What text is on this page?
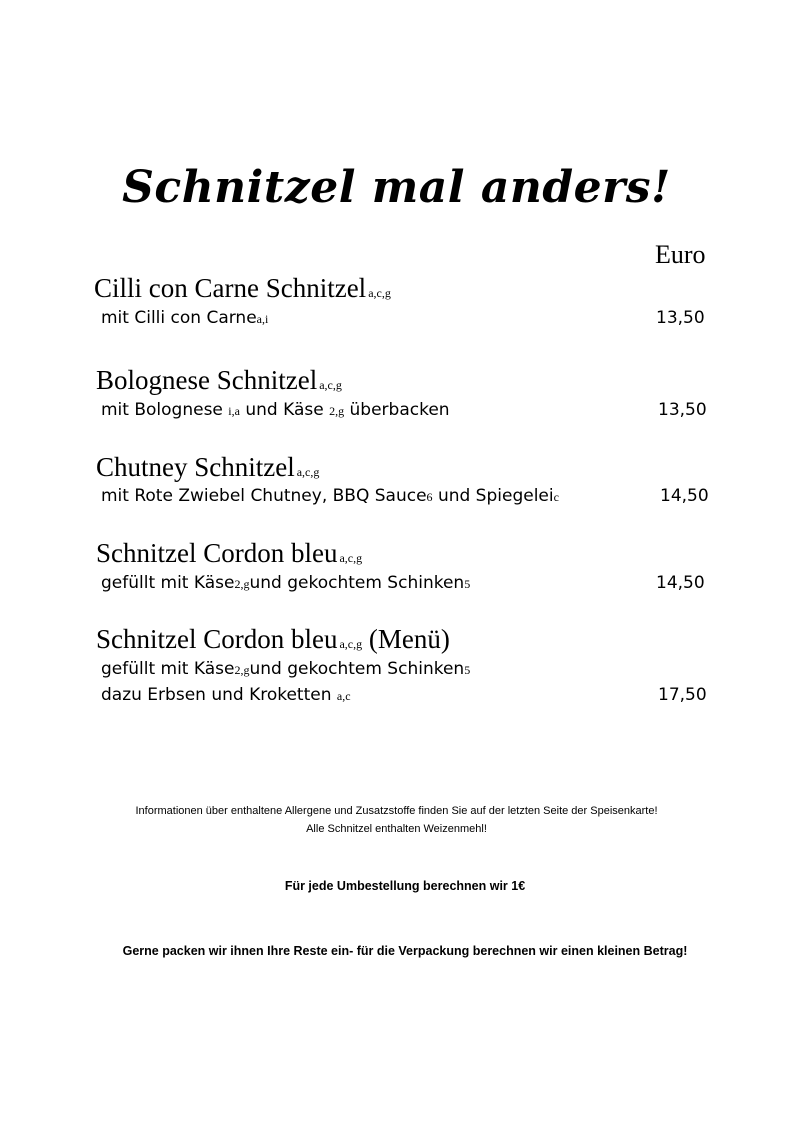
Schnitzel mal anders!
Euro
Cilli con Carne Schnitzel a,c,g
mit Cilli con Carnea,i	13,50
Bolognese Schnitzel a,c,g
mit Bolognese i,a und Käse 2,g überbacken	13,50
Chutney Schnitzel a,c,g
mit Rote Zwiebel Chutney, BBQ Sauce6 und Spiegeleic	14,50
Schnitzel Cordon bleu a,c,g
gefüllt mit Käse2,gund gekochtem Schinken5	14,50
Schnitzel Cordon bleu a,c,g (Menü)
gefüllt mit Käse2,gund gekochtem Schinken5
dazu Erbsen und Kroketten a,c	17,50
Informationen über enthaltene Allergene und Zusatzstoffe finden Sie auf der letzten Seite der Speisenkarte!
Alle Schnitzel enthalten Weizenmehl!
Für jede Umbestellung berechnen wir 1€
Gerne packen wir ihnen Ihre Reste ein- für die Verpackung berechnen wir einen kleinen Betrag!
